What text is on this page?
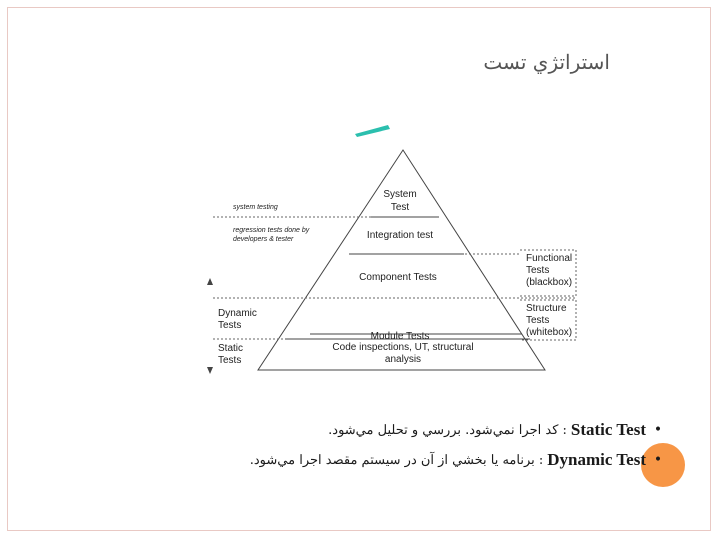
استراتژي تست
System
Test
Integration test
Component Tests
Module Tests
Code inspections, UT, structural
analysis
system testing
regression tests done by
developers & tester
Dynamic
Tests
Static
Tests
Functional
Tests
(blackbox)
Structure
Tests
(whitebox)
•
Static Test
: كد اجرا نمي‌شود. بررسي و تحليل مي‌شود.
•
Dynamic Test
: برنامه يا بخشي از آن در سيستم مقصد اجرا مي‌شود.
